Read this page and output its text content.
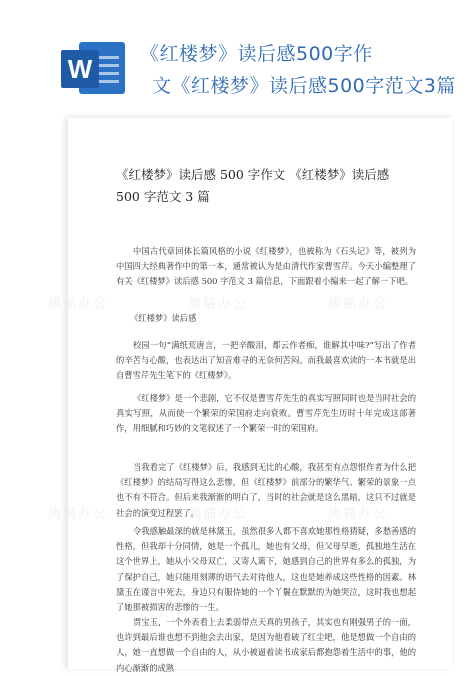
W	《红楼梦》读后感500字作
文《红楼梦》读后感500字范文3篇
熊猫办公	熊猫办公	熊猫办公
熊猫办公	熊猫办公	熊猫办公
《红楼梦》读后感 500 字作文 《红楼梦》读后感
500 字范文 3 篇
中国古代章回体长篇风格的小说《红楼梦》，也被称为《石头记》等，被列为中国四大经典著作中的第一本，通常被认为是由清代作家曹雪芹。今天小编整理了有关《红楼梦》读后感 500 字范文 3 篇信息，下面跟着小编来一起了解一下吧。
《红楼梦》读后感
校园一句“满纸荒唐言，一把辛酸泪，都云作者痴，谁解其中味?”写出了作者的辛苦与心酸，也表达出了知音难寻的无奈何苦闷。而我最喜欢读的一本书就是出自曹雪芹先生笔下的《红楼梦》。
《红楼梦》是一个悲剧，它不仅是曹雪芹先生的真实写照同时也是当时社会的真实写照，从而使一个繁荣的荣国府走向衰败。曹雪芹先生历时十年完成这部著作，用细腻和巧妙的文笔叙述了一个繁荣一时的荣国府。
当我看完了《红楼梦》后，我感到无比的心酸，我甚至有点怨恨作者为什么把《红楼梦》的结局写得这么悲惨，但《红楼梦》前部分的繁华气、繁荣的景象一点也不有不符合。但后来我渐渐的明白了，当时的社会就是这么黑暗，这只不过就是社会的演变过程罢了。
令我感触最深的就是林黛玉，虽然很多人都不喜欢她那性格猜疑，多愁善感的性格，但我却十分同情，她是一个孤儿，她也有父母，但父母早逝，孤独地生活在这个世界上，她从小父母双亡，又寄人篱下，她感到自己的世界有多么的孤独，为了保护自己，她只能用刻薄的语气去对待他人，这也是她养成这些性格的因素。林黛玉在谨言中死去，身边只有服侍她的一个丫鬟在默默的为她哭泣，这时我也想起了她那被损害的悲惨的一生。
贾宝玉，一个外表看上去柔弱带点天真的男孩子，其实也有刚强男子的一面，也许到最后谁也想不到他会去出家，是因为他看破了红尘吧，他是想做一个自由的人，她一直想做一个自由的人，从小被逼着读书成家后都抱怨着生活中的事，他的内心渐渐的成熟
